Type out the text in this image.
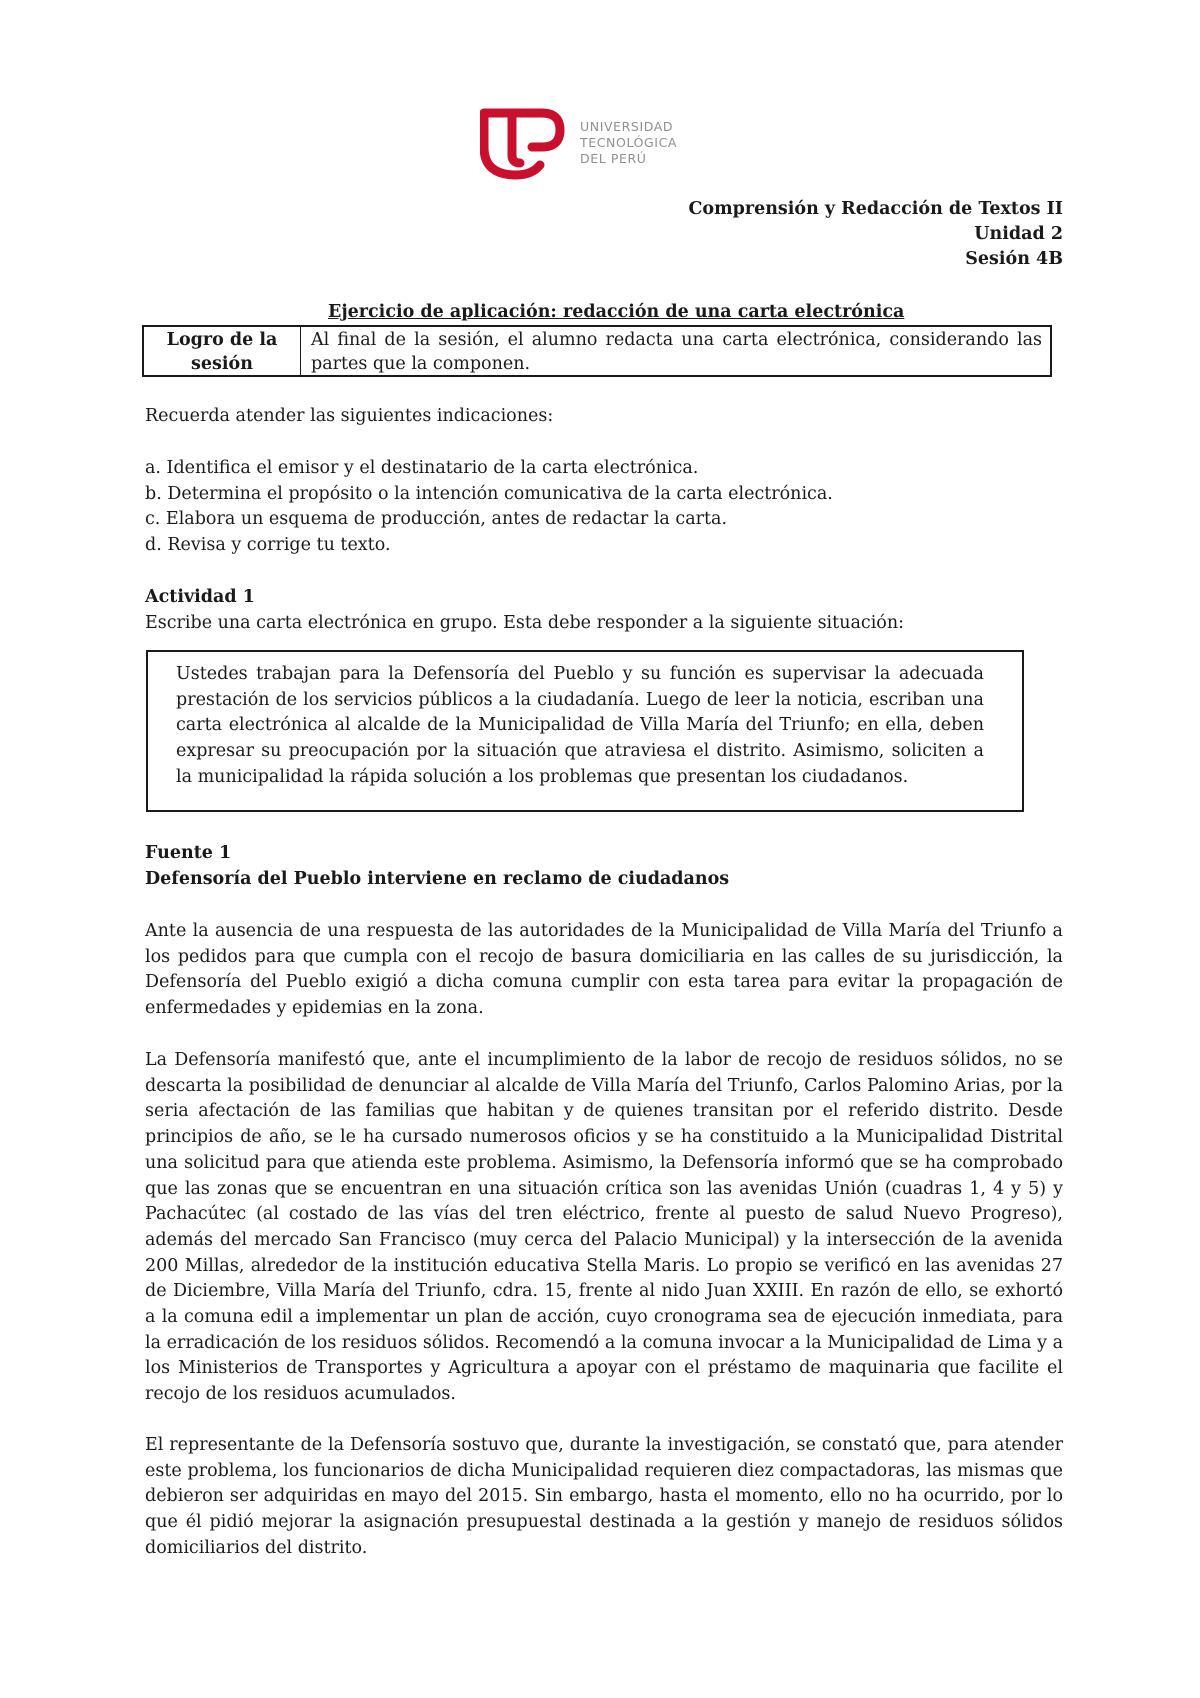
UNIVERSIDAD
TECNOLÓGICA
DEL PERÚ
Comprensión y Redacción de Textos II
Unidad 2
Sesión 4B
Ejercicio de aplicación: redacción de una carta electrónica
Logro de la
sesión
Al final de la sesión, el alumno redacta una carta electrónica, considerando las partes que la componen.
Recuerda atender las siguientes indicaciones:
a. Identifica el emisor y el destinatario de la carta electrónica.
b. Determina el propósito o la intención comunicativa de la carta electrónica.
c. Elabora un esquema de producción, antes de redactar la carta.
d. Revisa y corrige tu texto.
Actividad 1
Escribe una carta electrónica en grupo. Esta debe responder a la siguiente situación:
Ustedes trabajan para la Defensoría del Pueblo y su función es supervisar la adecuada prestación de los servicios públicos a la ciudadanía. Luego de leer la noticia, escriban una carta electrónica al alcalde de la Municipalidad de Villa María del Triunfo; en ella, deben expresar su preocupación por la situación que atraviesa el distrito. Asimismo, soliciten a la municipalidad la rápida solución a los problemas que presentan los ciudadanos.
Fuente 1
Defensoría del Pueblo interviene en reclamo de ciudadanos
Ante la ausencia de una respuesta de las autoridades de la Municipalidad de Villa María del Triunfo a los pedidos para que cumpla con el recojo de basura domiciliaria en las calles de su jurisdicción, la Defensoría del Pueblo exigió a dicha comuna cumplir con esta tarea para evitar la propagación de enfermedades y epidemias en la zona.
La Defensoría manifestó que, ante el incumplimiento de la labor de recojo de residuos sólidos, no se descarta la posibilidad de denunciar al alcalde de Villa María del Triunfo, Carlos Palomino Arias, por la seria afectación de las familias que habitan y de quienes transitan por el referido distrito. Desde principios de año, se le ha cursado numerosos oficios y se ha constituido a la Municipalidad Distrital una solicitud para que atienda este problema. Asimismo, la Defensoría informó que se ha comprobado que las zonas que se encuentran en una situación crítica son las avenidas Unión (cuadras 1, 4 y 5) y Pachacútec (al costado de las vías del tren eléctrico, frente al puesto de salud Nuevo Progreso), además del mercado San Francisco (muy cerca del Palacio Municipal) y la intersección de la avenida 200 Millas, alrededor de la institución educativa Stella Maris. Lo propio se verificó en las avenidas 27 de Diciembre, Villa María del Triunfo, cdra. 15, frente al nido Juan XXIII. En razón de ello, se exhortó a la comuna edil a implementar un plan de acción, cuyo cronograma sea de ejecución inmediata, para la erradicación de los residuos sólidos. Recomendó a la comuna invocar a la Municipalidad de Lima y a los Ministerios de Transportes y Agricultura a apoyar con el préstamo de maquinaria que facilite el recojo de los residuos acumulados.
El representante de la Defensoría sostuvo que, durante la investigación, se constató que, para atender este problema, los funcionarios de dicha Municipalidad requieren diez compactadoras, las mismas que debieron ser adquiridas en mayo del 2015. Sin embargo, hasta el momento, ello no ha ocurrido, por lo que él pidió mejorar la asignación presupuestal destinada a la gestión y manejo de residuos sólidos domiciliarios del distrito.
